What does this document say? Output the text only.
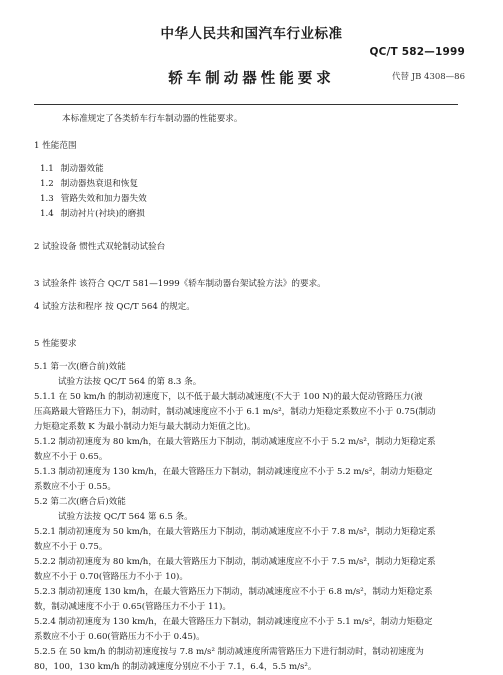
中华人民共和国汽车行业标准
QC/T 582—1999
轿车制动器性能要求	代替 JB 4308—86

本标准规定了各类轿车行车制动器的性能要求。

1 性能范围

1.1 制动器效能

1.2 制动器热衰退和恢复

1.3 管路失效和加力器失效

1.4 制动衬片(衬块)的磨损

2 试验设备 惯性式双轮制动试验台

3 试验条件 该符合 QC/T 581—1999《轿车制动器台架试验方法》的要求。

4 试验方法和程序 按 QC/T 564 的规定。

5 性能要求

5.1 第一次(磨合前)效能

试验方法按 QC/T 564 的第 8.3 条。

5.1.1 在 50 km/h 的制动初速度下，以不低于最大制动减速度(不大于 100 N)的最大促动管路压力(液

压高路最大管路压力下)，制动时，制动减速度应不小于 6.1 m/s²，制动力矩稳定系数应不小于 0.75(制动

力矩稳定系数 K 为最小制动力矩与最大制动力矩值之比)。

5.1.2 制动初速度为 80 km/h，在最大管路压力下制动，制动减速度应不小于 5.2 m/s²，制动力矩稳定系

数应不小于 0.65。

5.1.3 制动初速度为 130 km/h，在最大管路压力下制动，制动减速度应不小于 5.2 m/s²，制动力矩稳定

系数应不小于 0.55。

5.2 第二次(磨合后)效能

试验方法按 QC/T 564 第 6.5 条。

5.2.1 制动初速度为 50 km/h，在最大管路压力下制动，制动减速度应不小于 7.8 m/s²，制动力矩稳定系

数应不小于 0.75。

5.2.2 制动初速度为 80 km/h，在最大管路压力下制动，制动减速度应不小于 7.5 m/s²，制动力矩稳定系

数应不小于 0.70(管路压力不小于 10)。

5.2.3 制动初速度 130 km/h，在最大管路压力下制动，制动减速度应不小于 6.8 m/s²，制动力矩稳定系

数，制动减速度不小于 0.65(管路压力不小于 11)。

5.2.4 制动初速度为 130 km/h，在最大管路压力下制动，制动减速度应不小于 5.1 m/s²，制动力矩稳定

系数应不小于 0.60(管路压力不小于 0.45)。

5.2.5 在 50 km/h 的制动初速度按与 7.8 m/s² 制动减速度所需管路压力下进行制动时，制动初速度为

80，100，130 km/h 的制动减速度分别应不小于 7.1，6.4，5.5 m/s²。
